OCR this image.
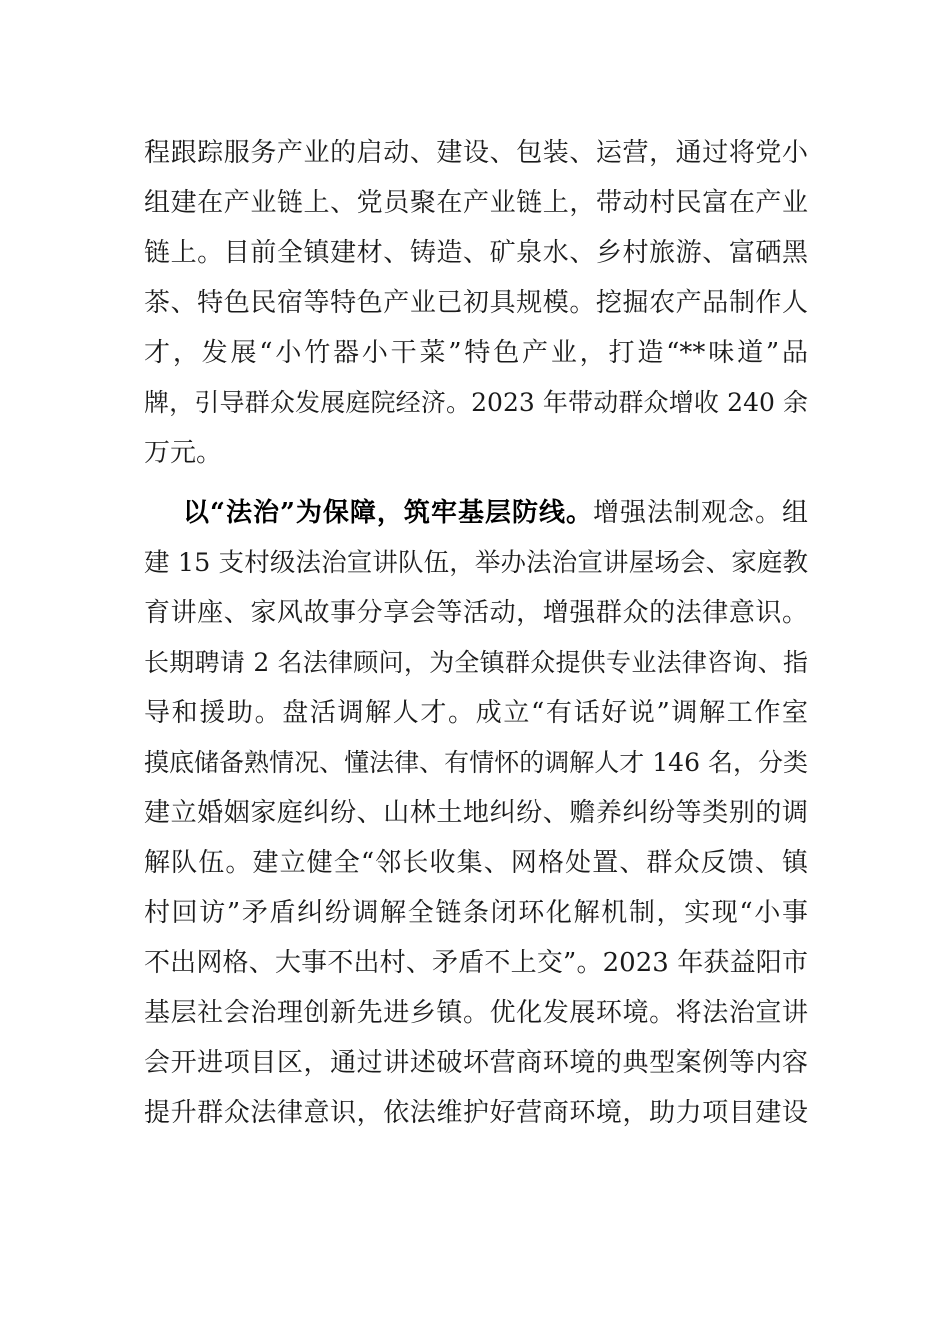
程跟踪服务产业的启动、建设、包装、运营，通过将党小
组建在产业链上、党员聚在产业链上，带动村民富在产业
链上。目前全镇建材、铸造、矿泉水、乡村旅游、富硒黑
茶、特色民宿等特色产业已初具规模。挖掘农产品制作人
才，发展“小竹器小干菜”特色产业，打造“**味道”品
牌，引导群众发展庭院经济。2023 年带动群众增收 240 余
万元。
以“法治”为保障，筑牢基层防线。增强法制观念。组
建 15 支村级法治宣讲队伍，举办法治宣讲屋场会、家庭教
育讲座、家风故事分享会等活动，增强群众的法律意识。
长期聘请 2 名法律顾问，为全镇群众提供专业法律咨询、指
导和援助。盘活调解人才。成立“有话好说”调解工作室
摸底储备熟情况、懂法律、有情怀的调解人才 146 名，分类
建立婚姻家庭纠纷、山林土地纠纷、赡养纠纷等类别的调
解队伍。建立健全“邻长收集、网格处置、群众反馈、镇
村回访”矛盾纠纷调解全链条闭环化解机制，实现“小事
不出网格、大事不出村、矛盾不上交”。2023 年获益阳市
基层社会治理创新先进乡镇。优化发展环境。将法治宣讲
会开进项目区，通过讲述破坏营商环境的典型案例等内容
提升群众法律意识，依法维护好营商环境，助力项目建设
